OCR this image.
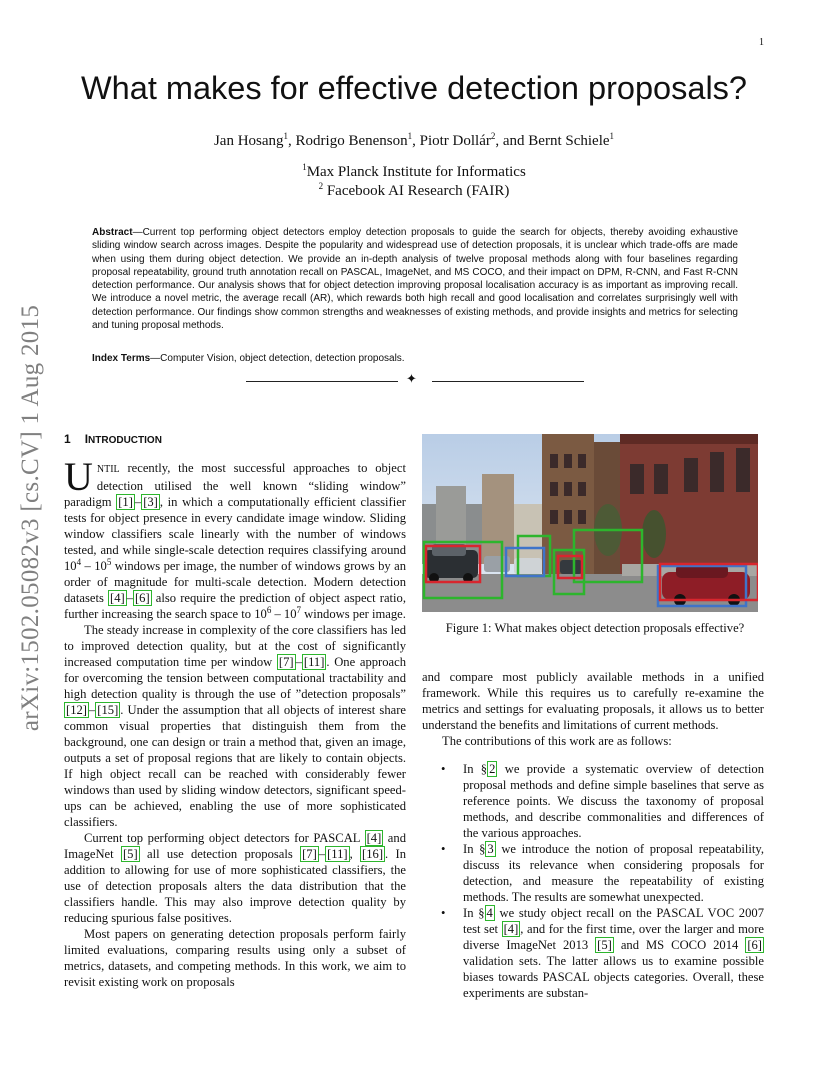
1
arXiv:1502.05082v3 [cs.CV] 1 Aug 2015
What makes for effective detection proposals?
Jan Hosang$^1$, Rodrigo Benenson$^1$, Piotr Dollár$^2$, and Bernt Schiele$^1$
$^1$Max Planck Institute for Informatics
$^2$ Facebook AI Research (FAIR)

Abstract—Current top performing object detectors employ detection proposals to guide the search for objects, thereby avoiding exhaustive sliding window search across images. Despite the popularity and widespread use of detection proposals, it is unclear which trade-offs are made when using them during object detection. We provide an in-depth analysis of twelve proposal methods along with four baselines regarding proposal repeatability, ground truth annotation recall on PASCAL, ImageNet, and MS COCO, and their impact on DPM, R-CNN, and Fast R-CNN detection performance. Our analysis shows that for object detection improving proposal localisation accuracy is as important as improving recall. We introduce a novel metric, the average recall (AR), which rewards both high recall and good localisation and correlates surprisingly well with detection performance. Our findings show common strengths and weaknesses of existing methods, and provide insights and metrics for selecting and tuning proposal methods.

Index Terms—Computer Vision, object detection, detection proposals.

✦
1 INTRODUCTION

UNTIL recently, the most successful approaches to object detection utilised the well known “sliding window” paradigm [1] – [3] , in which a computationally efficient classifier tests for object presence in every candidate image window. Sliding window classifiers scale linearly with the number of windows tested, and while single-scale detection requires classifying around $10^4 - 10^5$ windows per image, the number of windows grows by an order of magnitude for multi-scale detection. Modern detection datasets [4] – [6] also require the prediction of object aspect ratio, further increasing the search space to $10^6 - 10^7$ windows per image.

The steady increase in complexity of the core classifiers has led to improved detection quality, but at the cost of significantly increased computation time per window [7] – [11] . One approach for overcoming the tension between computational tractability and high detection quality is through the use of ”detection proposals” [12] – [15] . Under the assumption that all objects of interest share common visual properties that distinguish them from the background, one can design or train a method that, given an image, outputs a set of proposal regions that are likely to contain objects. If high object recall can be reached with considerably fewer windows than used by sliding window detectors, significant speed-ups can be achieved, enabling the use of more sophisticated classifiers.

Current top performing object detectors for PASCAL [4] and ImageNet [5] all use detection proposals [7] – [11] , [16] . In addition to allowing for use of more sophisticated classifiers, the use of detection proposals alters the data distribution that the classifiers handle. This may also improve detection quality by reducing spurious false positives.

Most papers on generating detection proposals perform fairly limited evaluations, comparing results using only a subset of metrics, datasets, and competing methods. In this work, we aim to revisit existing work on proposals

Figure 1: What makes object detection proposals effective?

and compare most publicly available methods in a unified framework. While this requires us to carefully re-examine the metrics and settings for evaluating proposals, it allows us to better understand the benefits and limitations of current methods.

The contributions of this work are as follows:

• In § 2 we provide a systematic overview of detection proposal methods and define simple baselines that serve as reference points. We discuss the taxonomy of proposal methods, and describe commonalities and differences of the various approaches.
• In § 3 we introduce the notion of proposal repeatability, discuss its relevance when considering proposals for detection, and measure the repeatability of existing methods. The results are somewhat unexpected.
• In § 4 we study object recall on the PASCAL VOC 2007 test set [4] , and for the first time, over the larger and more diverse ImageNet 2013 [5] and MS COCO 2014 [6] validation sets. The latter allows us to examine possible biases towards PASCAL objects categories. Overall, these experiments are substan-
